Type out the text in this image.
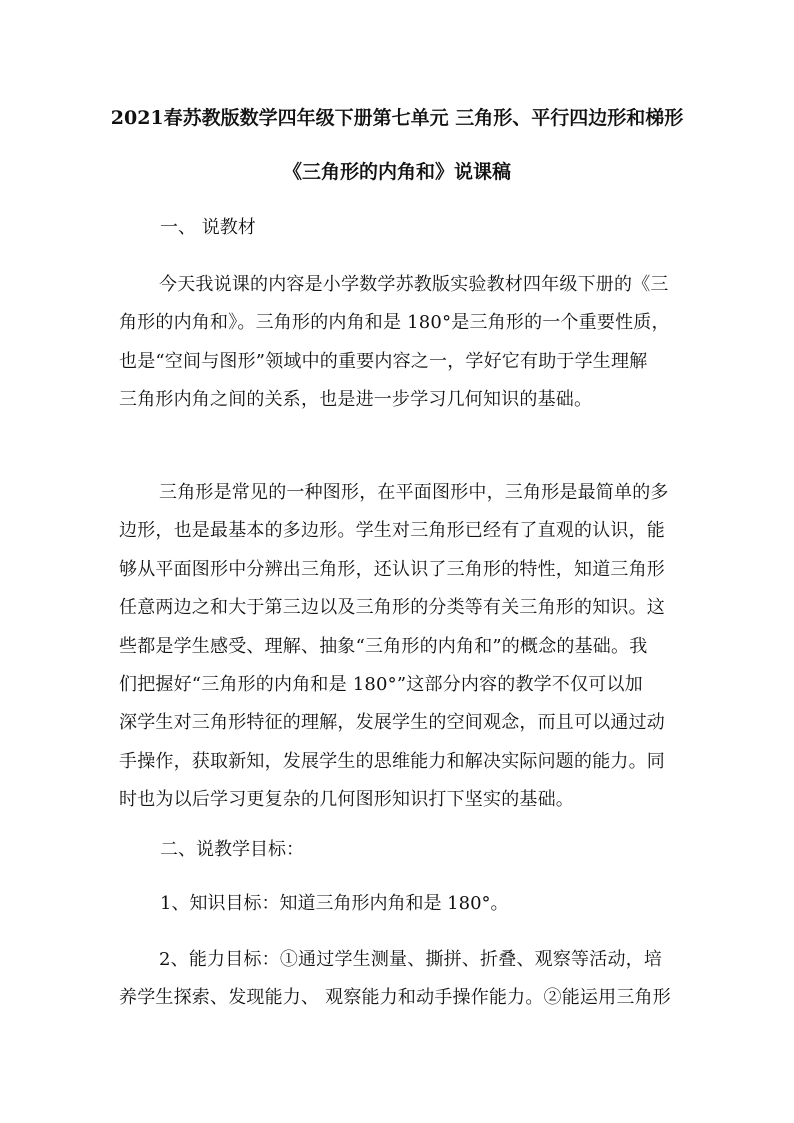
2021春苏教版数学四年级下册第七单元 三角形、平行四边形和梯形
《三角形的内角和》说课稿
一、 说教材
今天我说课的内容是小学数学苏教版实验教材四年级下册的《三
角形的内角和》。三角形的内角和是 180°是三角形的一个重要性质，
也是“空间与图形”领域中的重要内容之一，学好它有助于学生理解
三角形内角之间的关系，也是进一步学习几何知识的基础。
三角形是常见的一种图形，在平面图形中，三角形是最简单的多
边形，也是最基本的多边形。学生对三角形已经有了直观的认识，能
够从平面图形中分辨出三角形，还认识了三角形的特性，知道三角形
任意两边之和大于第三边以及三角形的分类等有关三角形的知识。这
些都是学生感受、理解、抽象“三角形的内角和”的概念的基础。我
们把握好“三角形的内角和是 180°”这部分内容的教学不仅可以加
深学生对三角形特征的理解，发展学生的空间观念，而且可以通过动
手操作，获取新知，发展学生的思维能力和解决实际问题的能力。同
时也为以后学习更复杂的几何图形知识打下坚实的基础。
二、说教学目标：
1、知识目标：知道三角形内角和是 180°。
2、能力目标：①通过学生测量、撕拼、折叠、观察等活动，培
养学生探索、发现能力、 观察能力和动手操作能力。②能运用三角形
